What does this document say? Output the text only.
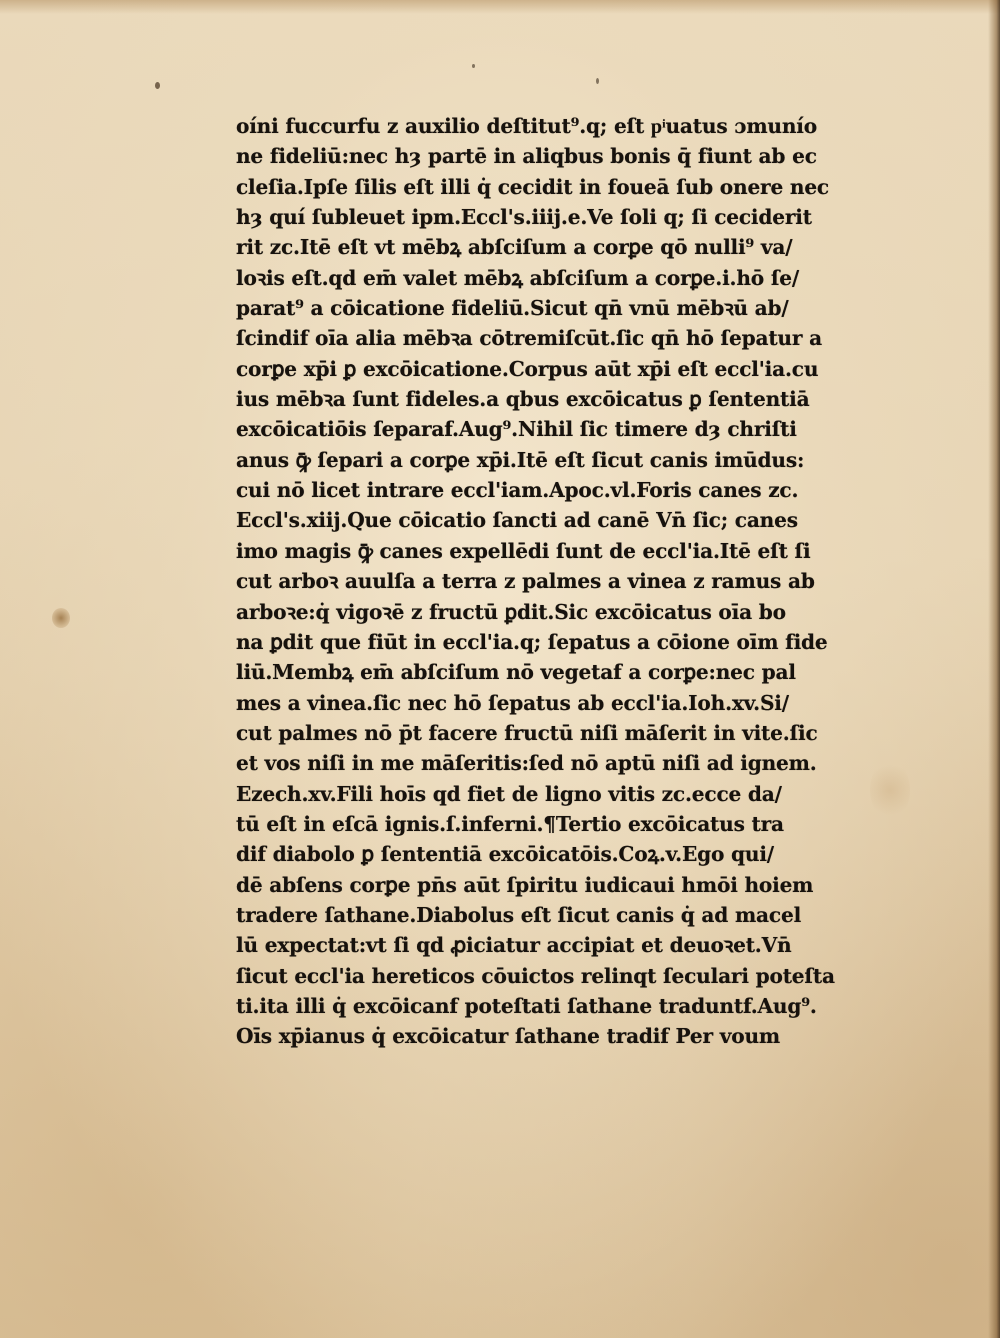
oíni fuccurfu z auxilio deſtitut⁹.q; eſt pͥuatus ɔmunío
ne fideliū:nec hȝ partē in aliqbus bonis q̄ fiunt ab ec
cleſia.Ipſe ſilis eſt illi q̇ cecidit in foueā ſub onere nec
hȝ quí ſubleuet ipm.Eccl's.iiij.e.Ve ſoli q; ſi ceciderit
rit zc.Itē eſt vt mēbꝝ abſciſum a corꝑe qō nulli⁹ va/
loꝛis eſt.qd em̄ valet mēbꝝ abſciſum a corꝑe.i.hō ſe/
parat⁹ a cōicatione fideliū.Sicut qn̄ vnū mēbꝛū ab/
ſcindif oīa alia mēbꝛa cōtremiſcūt.ſic qn̄ hō ſepatur a
corꝑe xp̄i ꝑ excōicatione.Corpus aūt xp̄i eſt eccl'ia.cu
ius mēbꝛa ſunt fideles.a qbus excōicatus ꝑ ſententiā
excōicatiōis ſeparaf.Aug⁹.Nihil ſic timere dȝ chriſti
anus ꝙ̄ ſepari a corꝑe xp̄i.Itē eſt ſicut canis imūdus:
cui nō licet intrare eccl'iam.Apoc.vl.Foris canes zc.
Eccl's.xiij.Que cōicatio ſancti ad canē Vn̄ ſic; canes
imo magis ꝙ̄ canes expellēdi ſunt de eccl'ia.Itē eſt ſi
cut arboꝛ auulſa a terra z palmes a vinea z ramus ab
arboꝛe:q̇ vigoꝛē z fructū ꝑdit.Sic excōicatus oīa bo
na ꝑdit que fiūt in eccl'ia.q; ſepatus a cōione oīm fide
liū.Membꝝ em̄ abſciſum nō vegetaf a corꝑe:nec pal
mes a vinea.ſic nec hō ſepatus ab eccl'ia.Ioh.xv.Si/
cut palmes nō p̄t facere fructū niſi māſerit in vite.ſic
et vos niſi in me māſeritis:ſed nō aptū niſi ad ignem.
Ezech.xv.Fili hoīs qd fiet de ligno vitis zc.ecce da/
tū eſt in eſcā ignis.ſ.inferni.¶Tertio excōicatus tra
dif diabolo ꝑ ſententiā excōicatōis.Coꝝ.v.Ego qui/
dē abſens corꝑe pn̄s aūt ſpiritu iudicaui hmōi hoiem
tradere ſathane.Diabolus eſt ſicut canis q̇ ad macel
lū expectat:vt ſi qd ꝓiciatur accipiat et deuoꝛet.Vn̄
ſicut eccl'ia hereticos cōuictos relinqt ſeculari poteſta
ti.ita illi q̇ excōicanf poteſtati ſathane traduntf.Aug⁹.
Oīs xp̄ianus q̇ excōicatur ſathane tradif Per voum
